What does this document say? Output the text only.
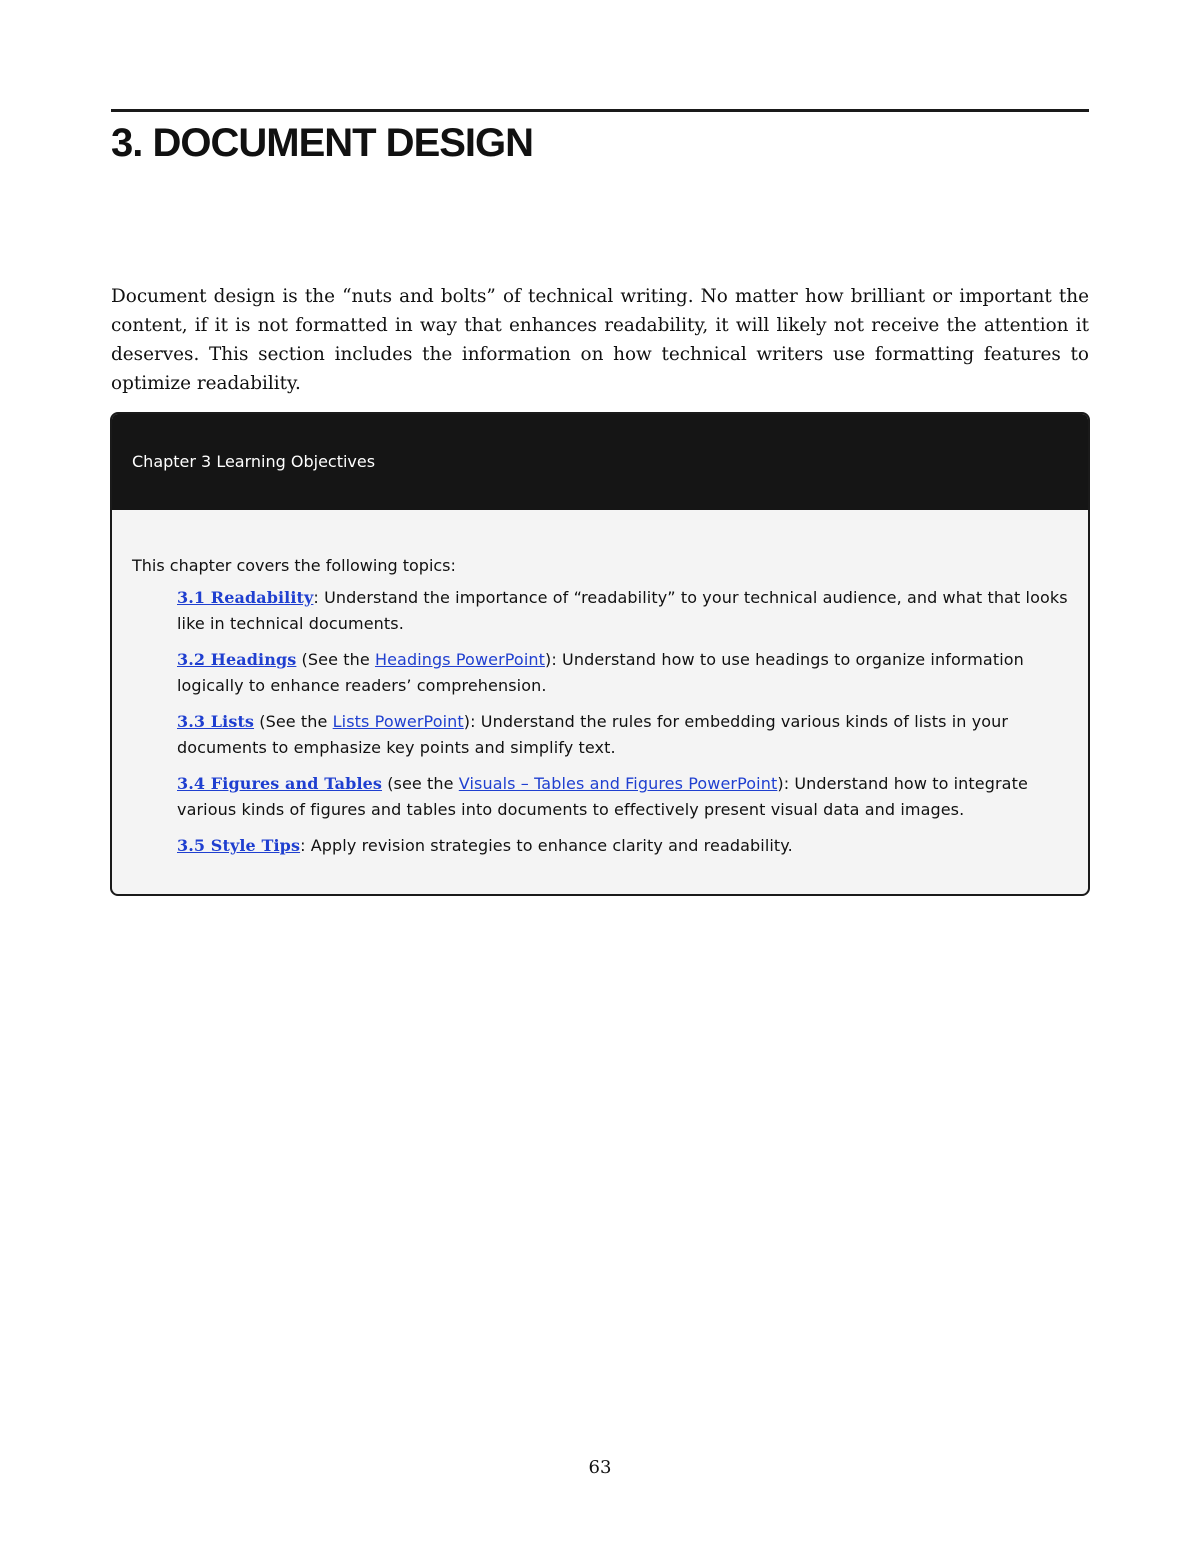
3. DOCUMENT DESIGN

Document design is the “nuts and bolts” of technical writing. No matter how brilliant or important the content, if it is not formatted in way that enhances readability, it will likely not receive the attention it deserves. This section includes the information on how technical writers use formatting features to optimize readability.

Chapter 3 Learning Objectives

This chapter covers the following topics:

3.1 Readability: Understand the importance of “readability” to your technical audience, and what that looks like in technical documents.
3.2 Headings (See the Headings PowerPoint): Understand how to use headings to organize information logically to enhance readers’ comprehension.
3.3 Lists (See the Lists PowerPoint): Understand the rules for embedding various kinds of lists in your documents to emphasize key points and simplify text.
3.4 Figures and Tables (see the Visuals – Tables and Figures PowerPoint): Understand how to integrate various kinds of figures and tables into documents to effectively present visual data and images.
3.5 Style Tips: Apply revision strategies to enhance clarity and readability.
63
